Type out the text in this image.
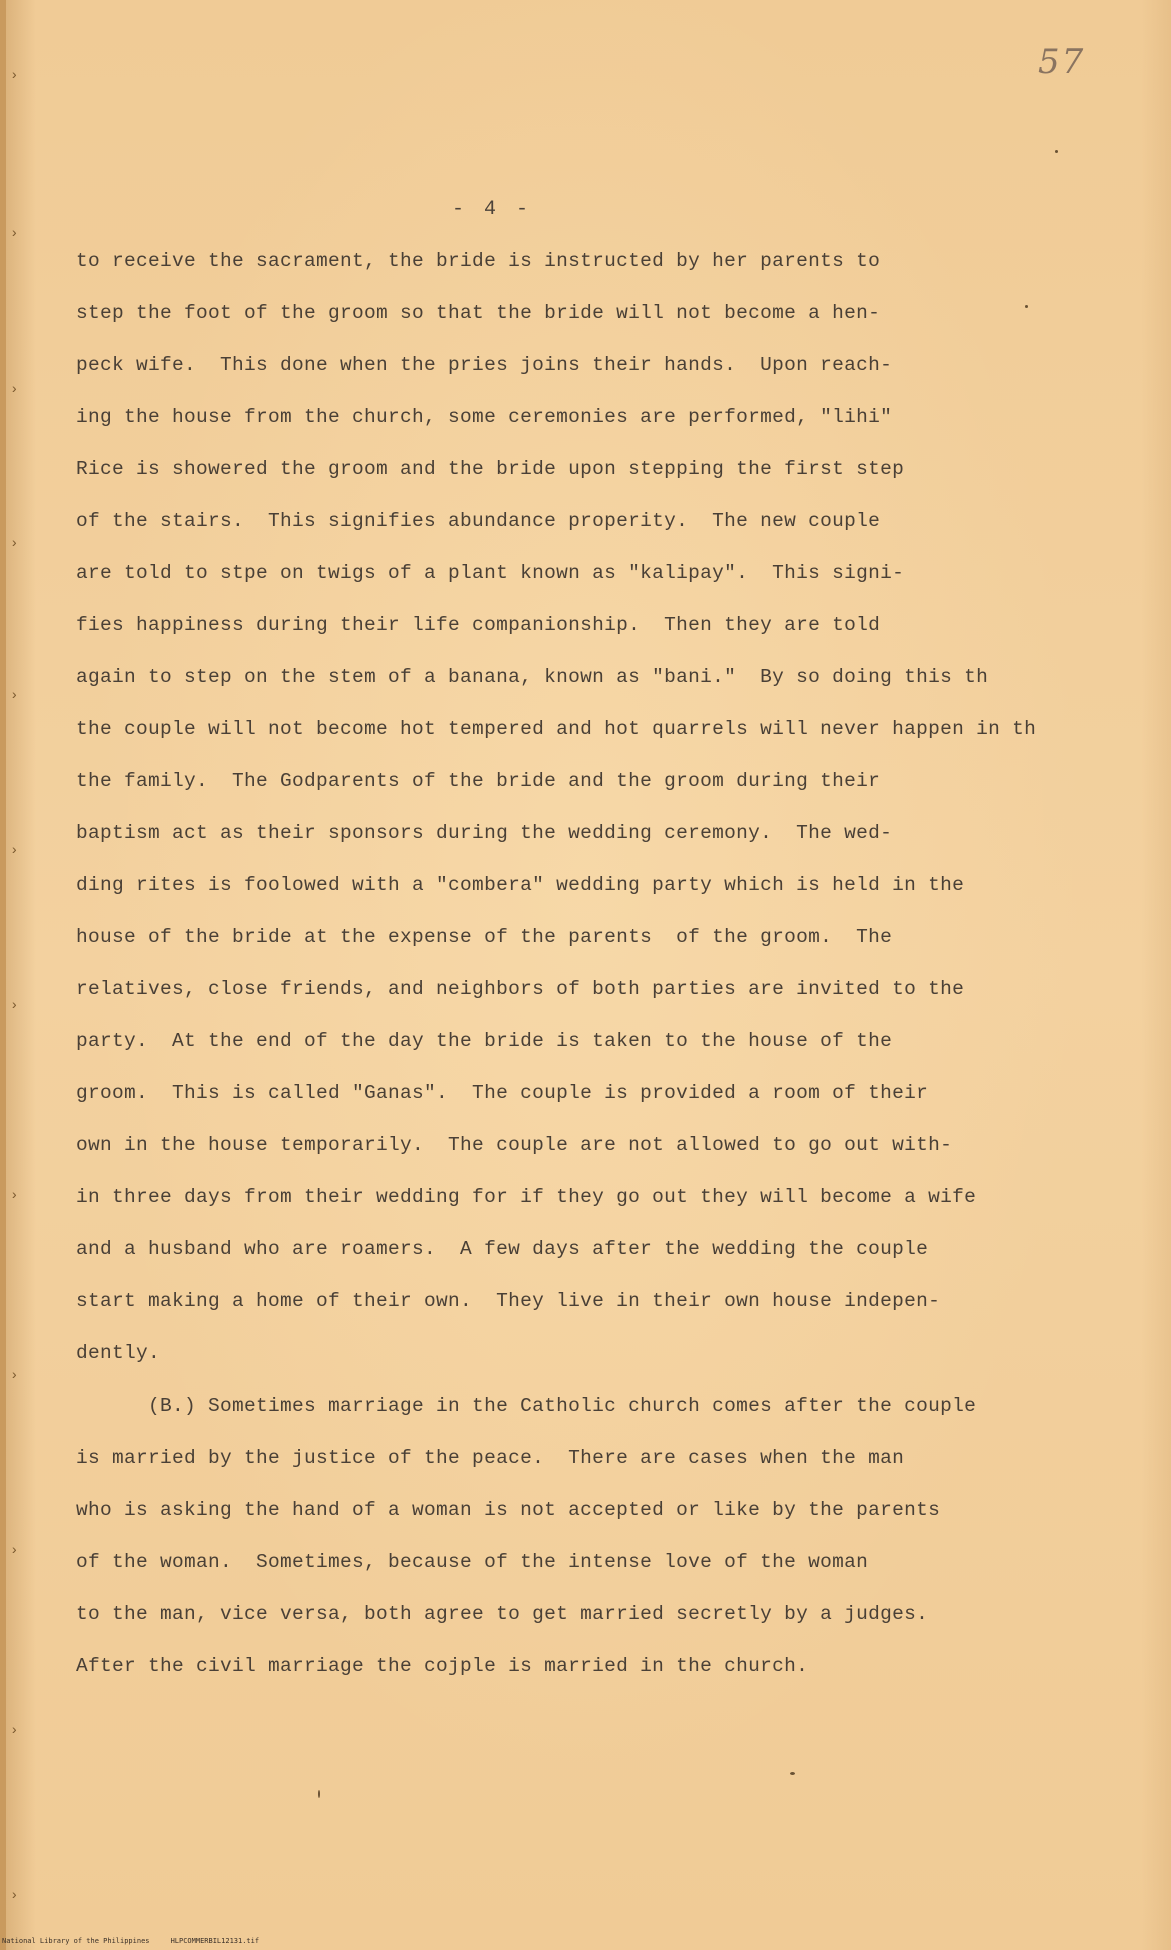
›
›
›
›
›
›
›
›
›
›
›
›
57
- 4 -
to receive the sacrament, the bride is instructed by her parents to
step the foot of the groom so that the bride will not become a hen-
peck wife.  This done when the pries joins their hands.  Upon reach-
ing the house from the church, some ceremonies are performed, "lihi"
Rice is showered the groom and the bride upon stepping the first step
of the stairs.  This signifies abundance properity.  The new couple
are told to stpe on twigs of a plant known as "kalipay".  This signi-
fies happiness during their life companionship.  Then they are told
again to step on the stem of a banana, known as "bani."  By so doing this th
the couple will not become hot tempered and hot quarrels will never happen in th
the family.  The Godparents of the bride and the groom during their
baptism act as their sponsors during the wedding ceremony.  The wed-
ding rites is foolowed with a "combera" wedding party which is held in the
house of the bride at the expense of the parents  of the groom.  The
relatives, close friends, and neighbors of both parties are invited to the
party.  At the end of the day the bride is taken to the house of the
groom.  This is called "Ganas".  The couple is provided a room of their
own in the house temporarily.  The couple are not allowed to go out with-
in three days from their wedding for if they go out they will become a wife
and a husband who are roamers.  A few days after the wedding the couple
start making a home of their own.  They live in their own house indepen-
dently.
(B.) Sometimes marriage in the Catholic church comes after the couple
is married by the justice of the peace.  There are cases when the man
who is asking the hand of a woman is not accepted or like by the parents
of the woman.  Sometimes, because of the intense love of the woman
to the man, vice versa, both agree to get married secretly by a judges.
After the civil marriage the cojple is married in the church.
National Library of the Philippines     HLPCOMMERBIL12131.tif
